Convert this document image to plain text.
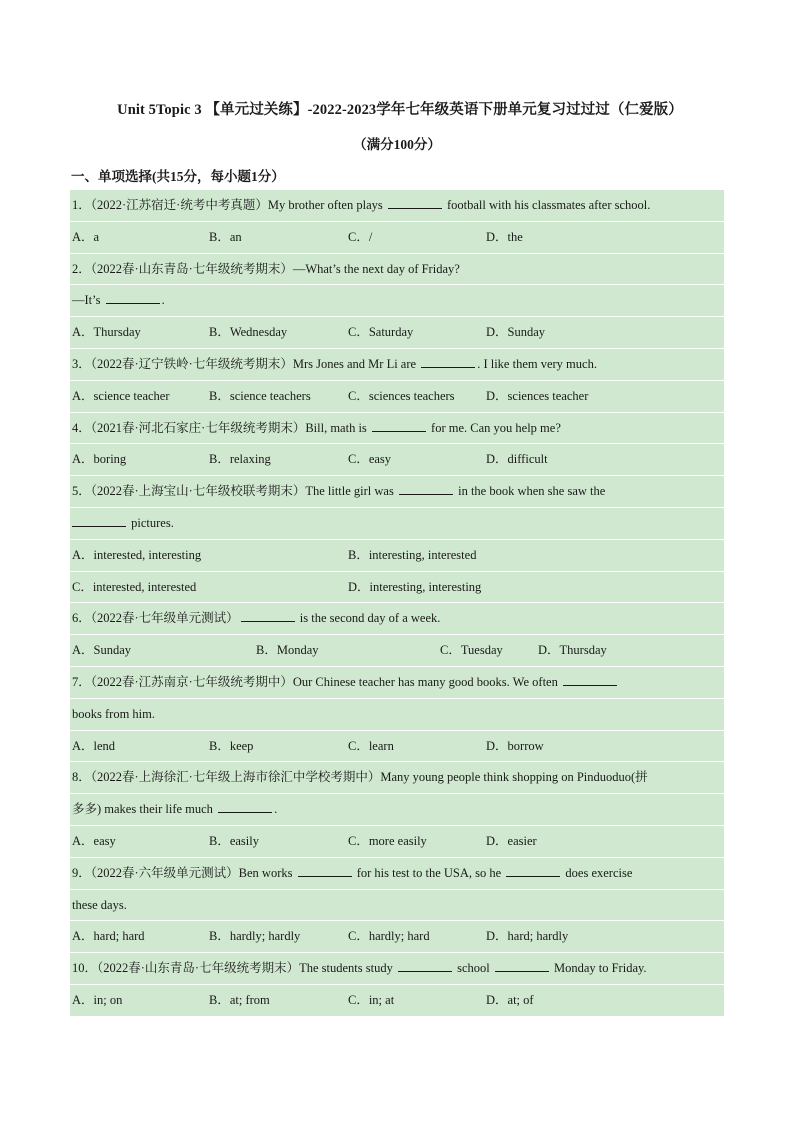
Unit 5Topic 3 【单元过关练】-2022-2023学年七年级英语下册单元复习过过过（仁爱版）
（满分100分）
一、单项选择(共15分，每小题1分）
1．（2022·江苏宿迁·统考中考真题）My brother often plays	football with his classmates after school.
A．a	B．an	C．/	D．the
2．（2022春·山东青岛·七年级统考期末）—What’s the next day of Friday?
—It’s	.
A．Thursday	B．Wednesday	C．Saturday	D．Sunday
3．（2022春·辽宁铁岭·七年级统考期末）Mrs Jones and Mr Li are	. I like them very much.
A．science teacher	B．science teachers	C．sciences teachers	D．sciences teacher
4．（2021春·河北石家庄·七年级统考期末）Bill, math is	for me. Can you help me?
A．boring	B．relaxing	C．easy	D．difficult
5．（2022春·上海宝山·七年级校联考期末）The little girl was	in the book when she saw the
pictures.
A．interested, interesting	B．interesting, interested
C．interested, interested	D．interesting, interesting
6．（2022春·七年级单元测试）	is the second day of a week.
A．Sunday	B．Monday	C．Tuesday	D．Thursday
7．（2022春·江苏南京·七年级统考期中）Our Chinese teacher has many good books. We often
books from him.
A．lend	B．keep	C．learn	D．borrow
8．（2022春·上海徐汇·七年级上海市徐汇中学校考期中）Many young people think shopping on Pinduoduo(拼
多多) makes their life much	.
A．easy	B．easily	C．more easily	D．easier
9．（2022春·六年级单元测试）Ben works	for his test to the USA, so he	does exercise
these days.
A．hard; hard	B．hardly; hardly	C．hardly; hard	D．hard; hardly
10．（2022春·山东青岛·七年级统考期末）The students study	school	Monday to Friday.
A．in; on	B．at; from	C．in; at	D．at; of
